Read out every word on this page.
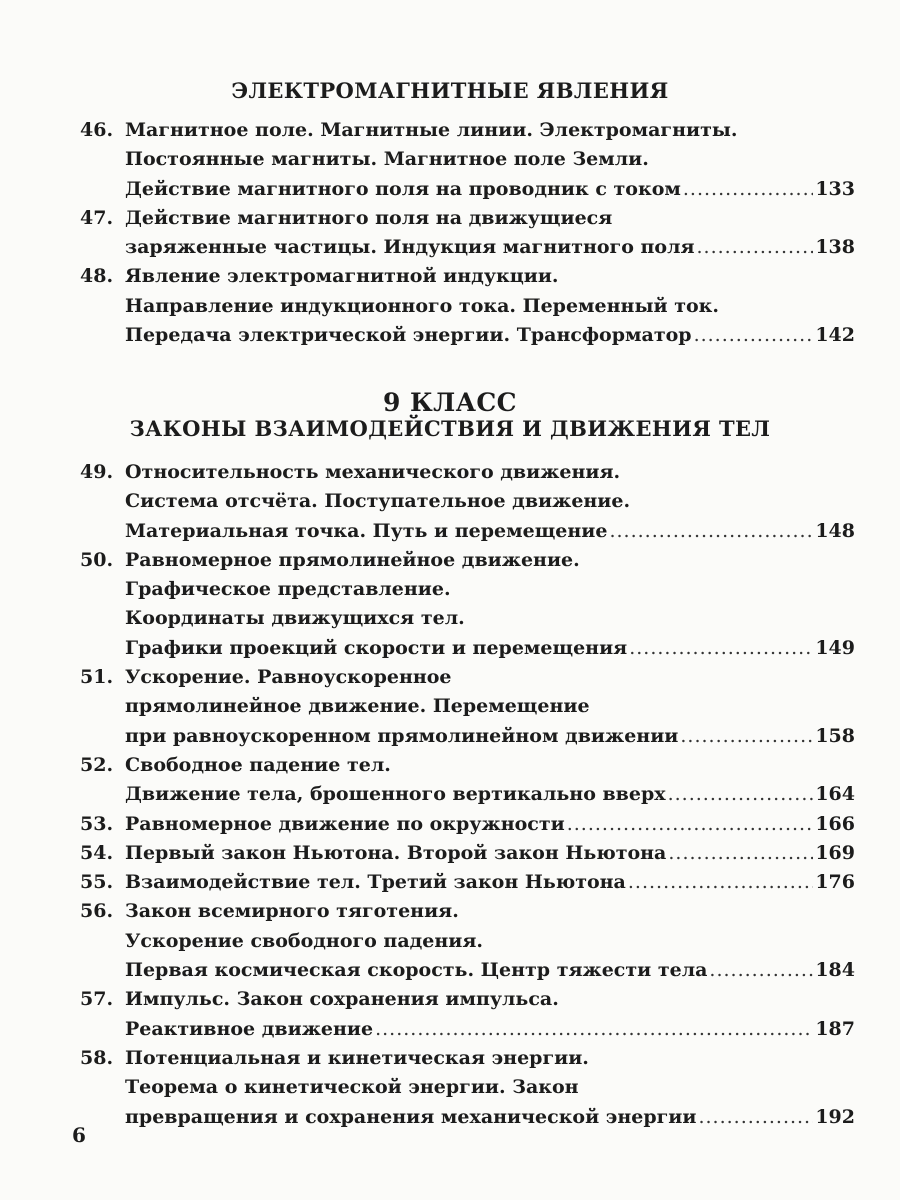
ЭЛЕКТРОМАГНИТНЫЕ ЯВЛЕНИЯ
46. Магнитное поле. Магнитные линии. Электромагниты.
Постоянные магниты. Магнитное поле Земли.
Действие магнитного поля на проводник с током .....	133
47. Действие магнитного поля на движущиеся
заряженные частицы. Индукция магнитного поля .....	138
48. Явление электромагнитной индукции.
Направление индукционного тока. Переменный ток.
Передача электрической энергии. Трансформатор .....	142
9 КЛАСС
ЗАКОНЫ ВЗАИМОДЕЙСТВИЯ И ДВИЖЕНИЯ ТЕЛ
49. Относительность механического движения.
Система отсчёта. Поступательное движение.
Материальная точка. Путь и перемещение .....	148
50. Равномерное прямолинейное движение.
Графическое представление.
Координаты движущихся тел.
Графики проекций скорости и перемещения .....	149
51. Ускорение. Равноускоренное
прямолинейное движение. Перемещение
при равноускоренном прямолинейном движении .....	158
52. Свободное падение тел.
Движение тела, брошенного вертикально вверх .....	164
53. Равномерное движение по окружности .....	166
54. Первый закон Ньютона. Второй закон Ньютона .....	169
55. Взаимодействие тел. Третий закон Ньютона .....	176
56. Закон всемирного тяготения.
Ускорение свободного падения.
Первая космическая скорость. Центр тяжести тела .....	184
57. Импульс. Закон сохранения импульса.
Реактивное движение .....	187
58. Потенциальная и кинетическая энергии.
Теорема о кинетической энергии. Закон
превращения и сохранения механической энергии .....	192
6
